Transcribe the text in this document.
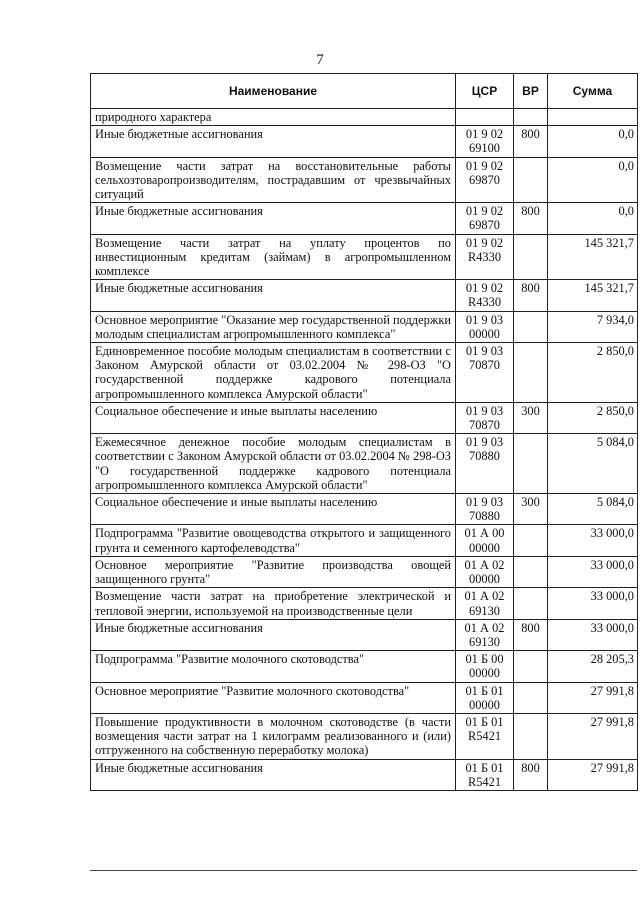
7
Наименование	ЦСР	ВР	Сумма
природного характера			
Иные бюджетные ассигнования	01 9 02 69100	800	0,0
Возмещение части затрат на восстановительные работы сельхозтоваропроизводителям, пострадавшим от чрезвычайных ситуаций	01 9 02 69870		0,0
Иные бюджетные ассигнования	01 9 02 69870	800	0,0
Возмещение части затрат на уплату процентов по инвестиционным кредитам (займам) в агропромышленном комплексе	01 9 02 R4330		145 321,7
Иные бюджетные ассигнования	01 9 02 R4330	800	145 321,7
Основное мероприятие "Оказание мер государственной поддержки молодым специалистам агропромышленного комплекса"	01 9 03 00000		7 934,0
Единовременное пособие молодым специалистам в соответствии с Законом Амурской области от 03.02.2004 № 298-ОЗ "О государственной поддержке кадрового потенциала агропромышленного комплекса Амурской области"	01 9 03 70870		2 850,0
Социальное обеспечение и иные выплаты населению	01 9 03 70870	300	2 850,0
Ежемесячное денежное пособие молодым специалистам в соответствии с Законом Амурской области от 03.02.2004 № 298-ОЗ "О государственной поддержке кадрового потенциала агропромышленного комплекса Амурской области"	01 9 03 70880		5 084,0
Социальное обеспечение и иные выплаты населению	01 9 03 70880	300	5 084,0
Подпрограмма "Развитие овощеводства открытого и защищенного грунта и семенного картофелеводства"	01 А 00 00000		33 000,0
Основное мероприятие "Развитие производства овощей защищенного грунта"	01 А 02 00000		33 000,0
Возмещение части затрат на приобретение электрической и тепловой энергии, используемой на производственные цели	01 А 02 69130		33 000,0
Иные бюджетные ассигнования	01 А 02 69130	800	33 000,0
Подпрограмма "Развитие молочного скотоводства"	01 Б 00 00000		28 205,3
Основное мероприятие "Развитие молочного скотоводства"	01 Б 01 00000		27 991,8
Повышение продуктивности в молочном скотоводстве (в части возмещения части затрат на 1 килограмм реализованного и (или) отгруженного на собственную переработку молока)	01 Б 01 R5421		27 991,8
Иные бюджетные ассигнования	01 Б 01 R5421	800	27 991,8
